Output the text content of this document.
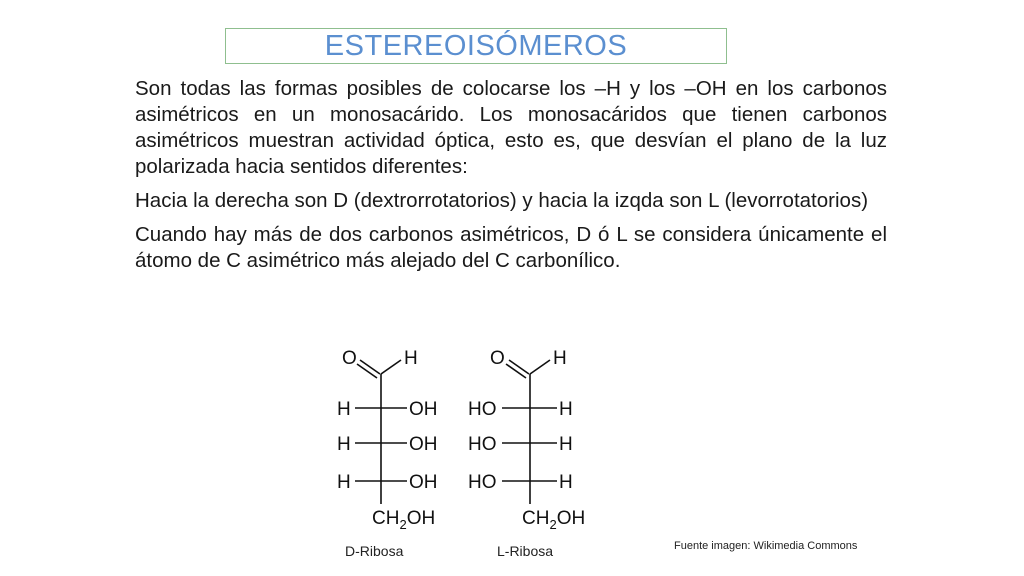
ESTEREOISÓMEROS

Son todas las formas posibles de colocarse los –H y los –OH en los carbonos asimétricos en un monosacárido. Los monosacáridos que tienen carbonos asimétricos muestran actividad óptica, esto es, que desvían el plano de la luz polarizada hacia sentidos diferentes:

Hacia la derecha son D (dextrorrotatorios) y hacia la izqda son L (levorrotatorios)

Cuando hay más de dos carbonos asimétricos, D ó L se considera únicamente el átomo de C asimétrico más alejado del C carbonílico.

O H
H	OH
H	OH
H	OH
$CH_2OH$
O	H
HO	H
HO	H
HO	H
$CH_2OH$
D-Ribosa	L-Ribosa	Fuente imagen: Wikimedia Commons
